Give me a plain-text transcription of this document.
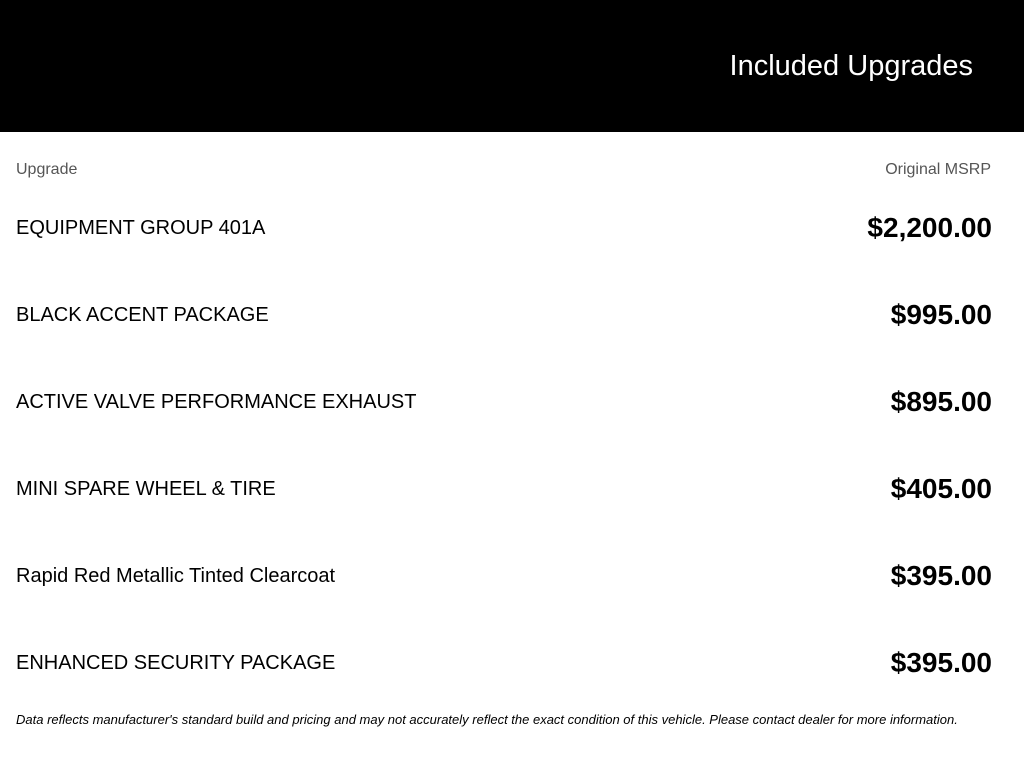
Included Upgrades
Upgrade	Original MSRP
EQUIPMENT GROUP 401A	$2,200.00
BLACK ACCENT PACKAGE	$995.00
ACTIVE VALVE PERFORMANCE EXHAUST	$895.00
MINI SPARE WHEEL & TIRE	$405.00
Rapid Red Metallic Tinted Clearcoat	$395.00
ENHANCED SECURITY PACKAGE	$395.00
Data reflects manufacturer's standard build and pricing and may not accurately reflect the exact condition of this vehicle. Please contact dealer for more information.
